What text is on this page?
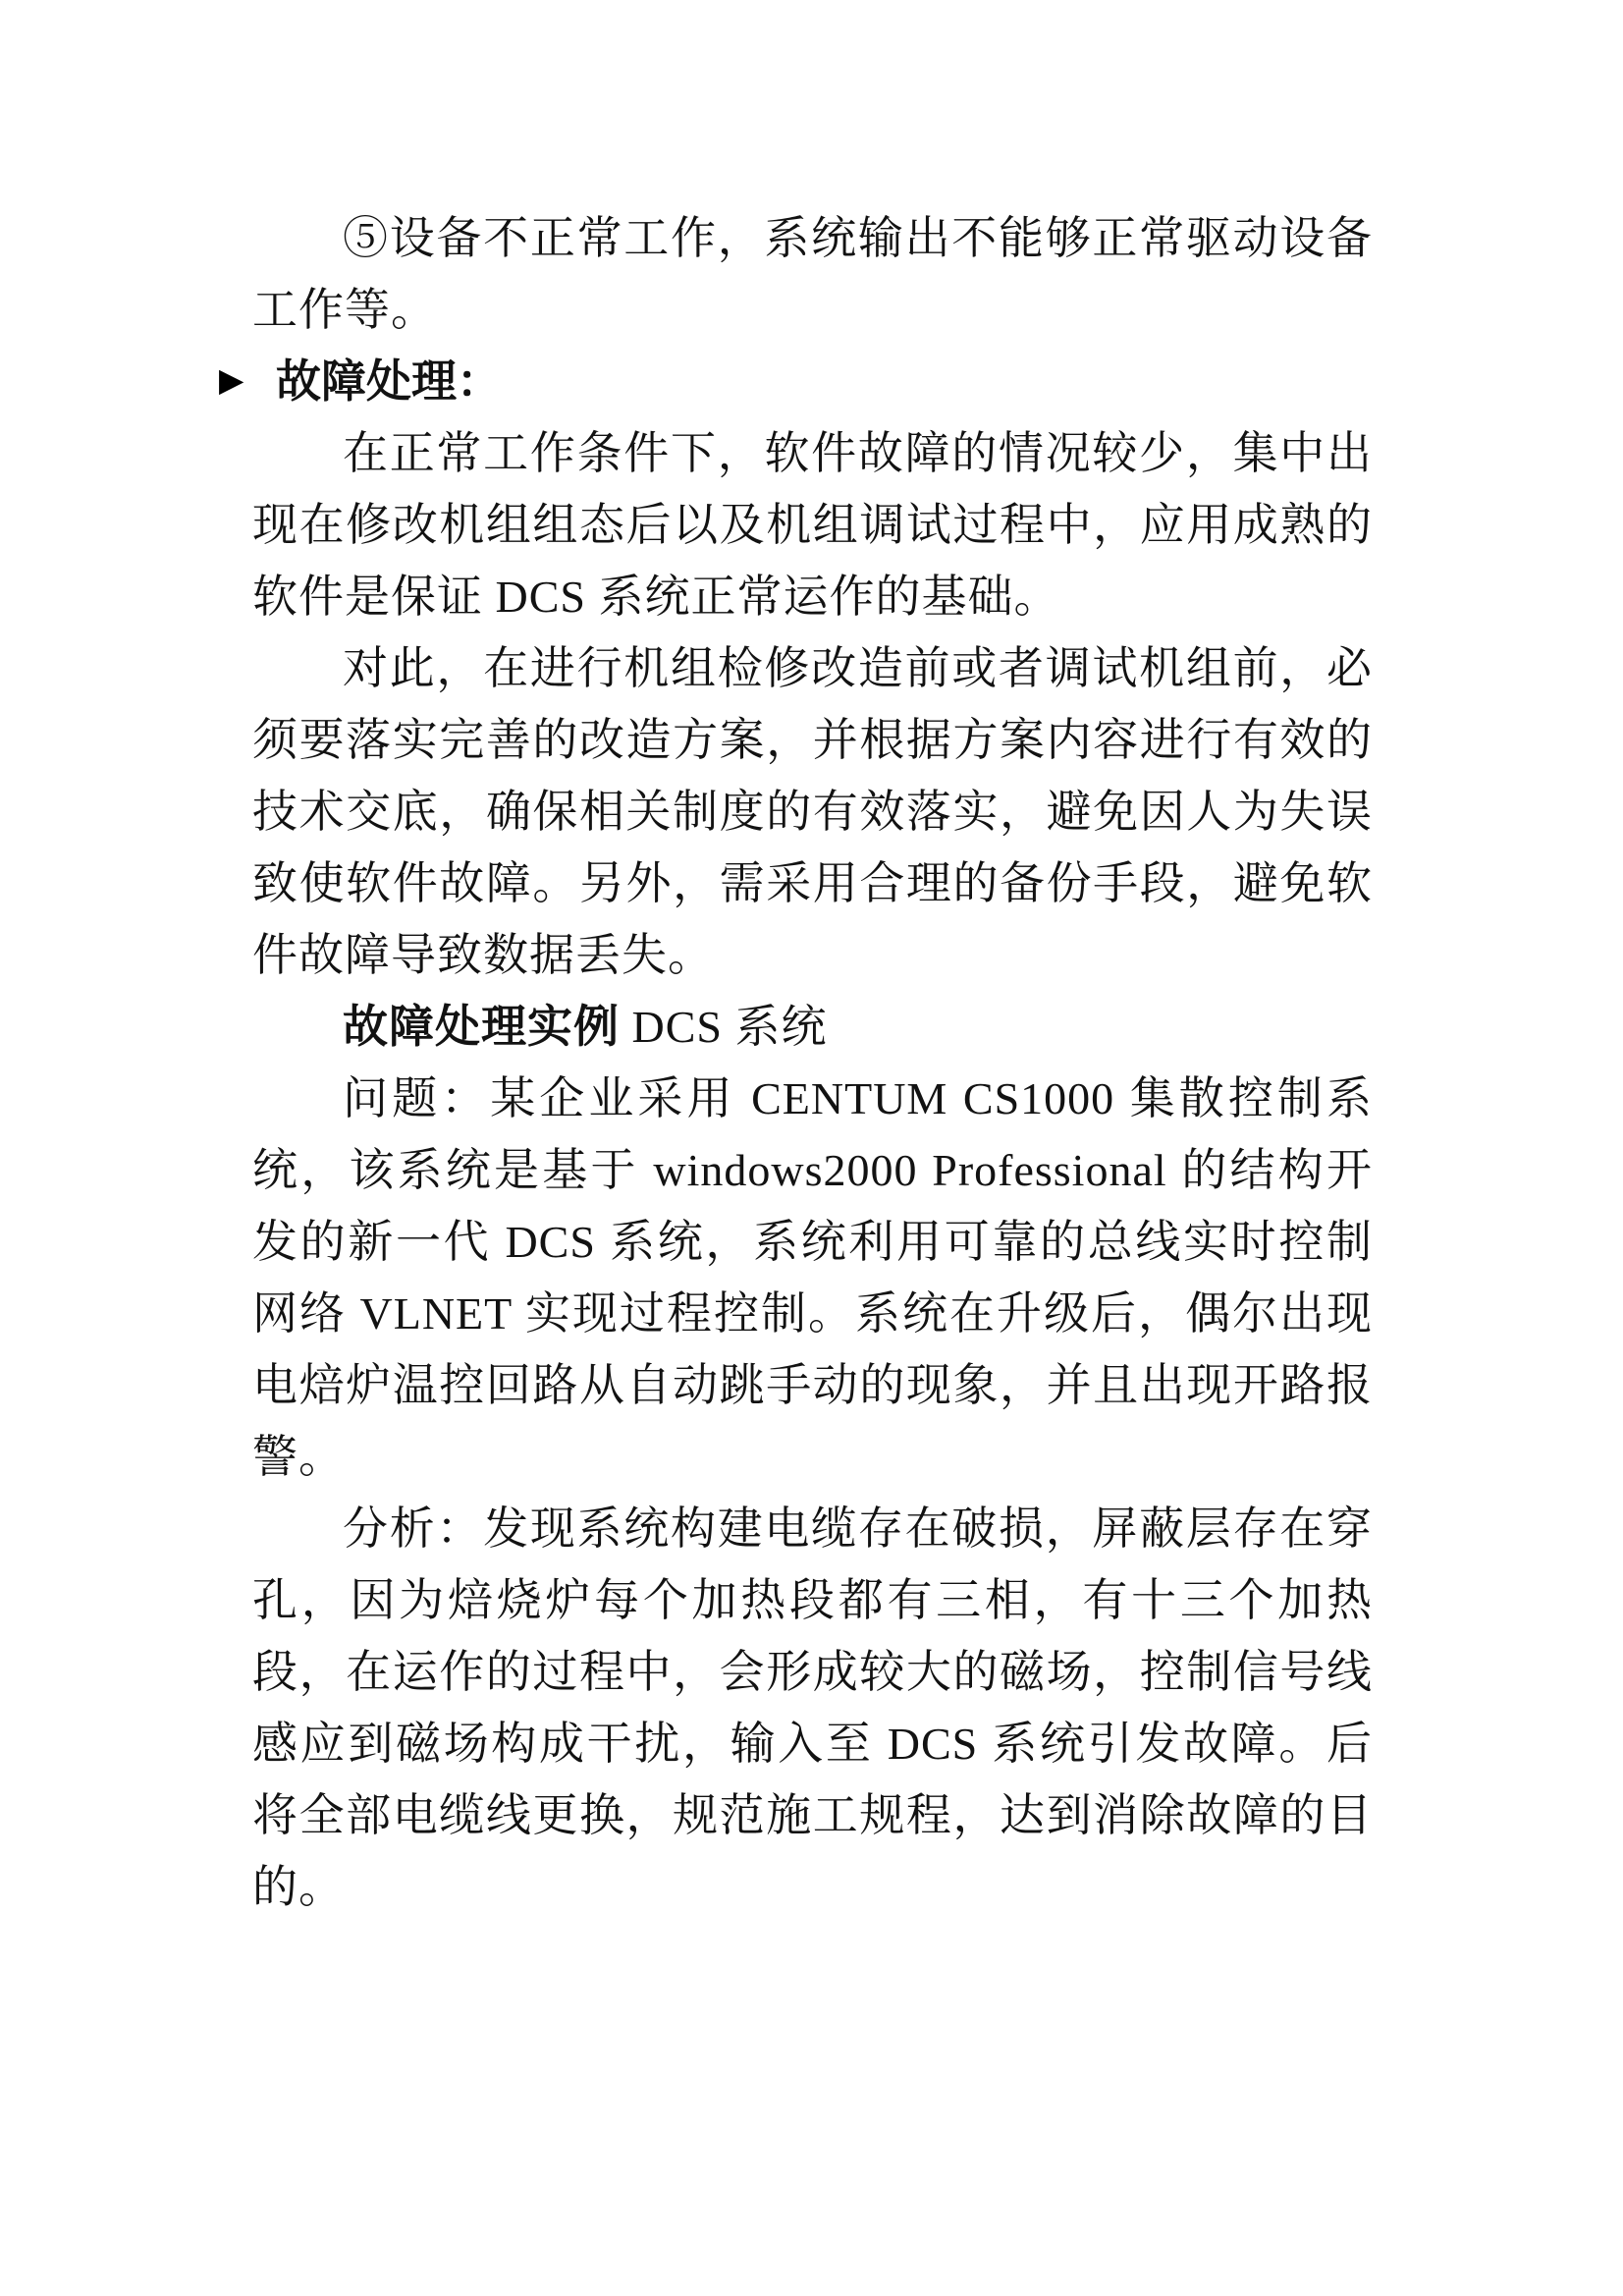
⑤设备不正常工作，系统输出不能够正常驱动设备工作等。

▶ 故障处理：

在正常工作条件下，软件故障的情况较少，集中出现在修改机组组态后以及机组调试过程中，应用成熟的软件是保证 DCS 系统正常运作的基础。

对此，在进行机组检修改造前或者调试机组前，必须要落实完善的改造方案，并根据方案内容进行有效的技术交底，确保相关制度的有效落实，避免因人为失误致使软件故障。另外，需采用合理的备份手段，避免软件故障导致数据丢失。

故障处理实例 DCS 系统

问题：某企业采用 CENTUM CS1000 集散控制系统，该系统是基于 windows2000 Professional 的结构开发的新一代 DCS 系统，系统利用可靠的总线实时控制网络 VLNET 实现过程控制。系统在升级后，偶尔出现电焙炉温控回路从自动跳手动的现象，并且出现开路报警。

分析：发现系统构建电缆存在破损，屏蔽层存在穿孔，因为焙烧炉每个加热段都有三相，有十三个加热段，在运作的过程中，会形成较大的磁场，控制信号线感应到磁场构成干扰，输入至 DCS 系统引发故障。后将全部电缆线更换，规范施工规程，达到消除故障的目的。
